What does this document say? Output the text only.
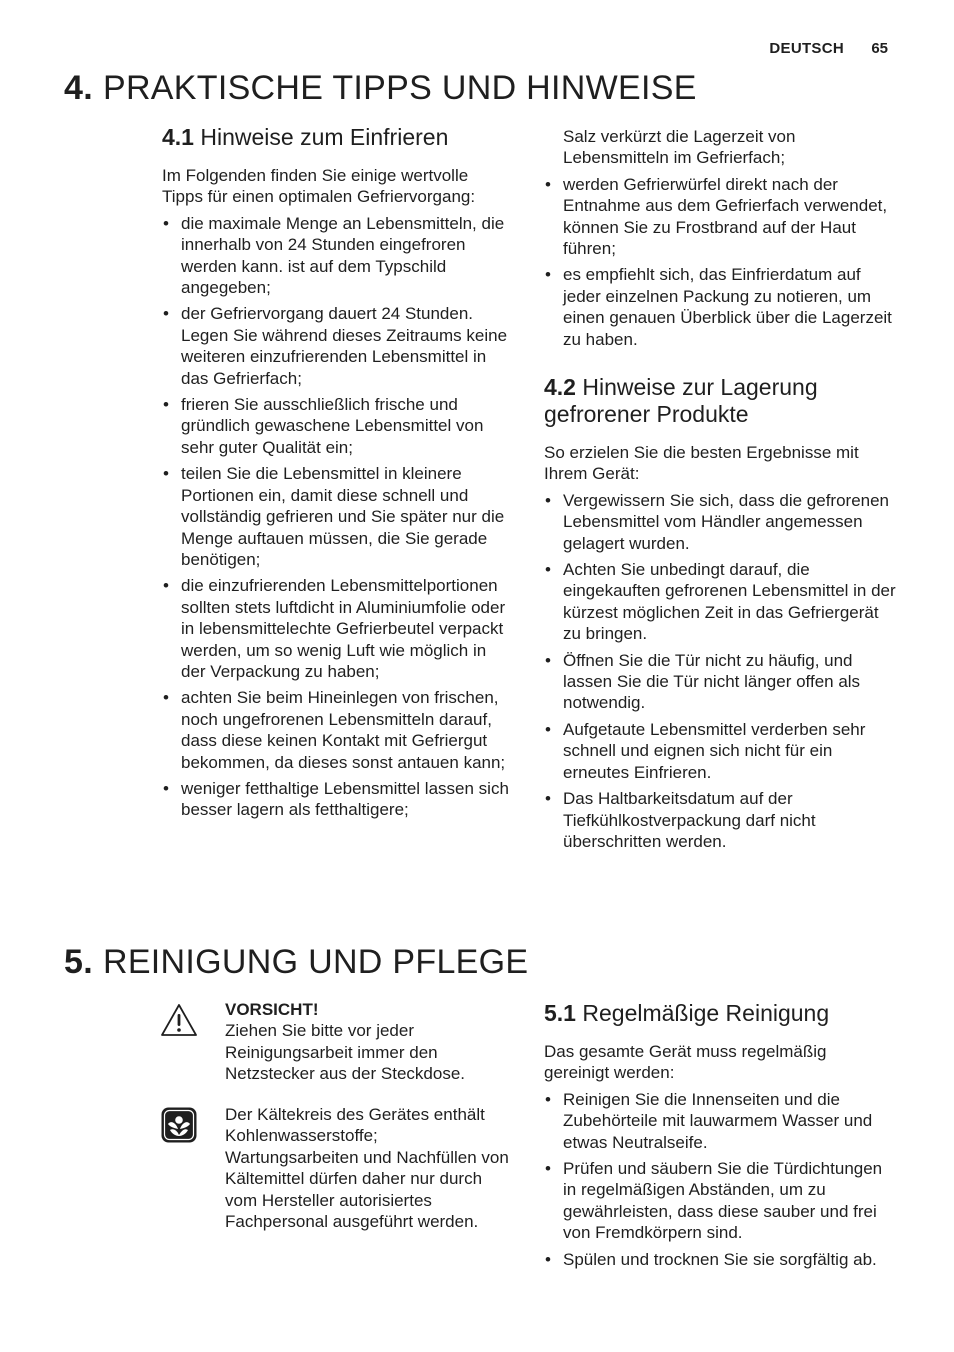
DEUTSCH 65
4. PRAKTISCHE TIPPS UND HINWEISE
4.1 Hinweise zum Einfrieren

Im Folgenden finden Sie einige wertvolle Tipps für einen optimalen Gefriervorgang:

• die maximale Menge an Lebensmitteln, die innerhalb von 24 Stunden eingefroren werden kann. ist auf dem Typschild angegeben;
• der Gefriervorgang dauert 24 Stunden. Legen Sie während dieses Zeitraums keine weiteren einzufrierenden Lebensmittel in das Gefrierfach;
• frieren Sie ausschließlich frische und gründlich gewaschene Lebensmittel von sehr guter Qualität ein;
• teilen Sie die Lebensmittel in kleinere Portionen ein, damit diese schnell und vollständig gefrieren und Sie später nur die Menge auftauen müssen, die Sie gerade benötigen;
• die einzufrierenden Lebensmittelportionen sollten stets luftdicht in Aluminiumfolie oder in lebensmittelechte Gefrierbeutel verpackt werden, um so wenig Luft wie möglich in der Verpackung zu haben;
• achten Sie beim Hineinlegen von frischen, noch ungefrorenen Lebensmitteln darauf, dass diese keinen Kontakt mit Gefriergut bekommen, da dieses sonst antauen kann;
• weniger fetthaltige Lebensmittel lassen sich besser lagern als fetthaltigere;
Salz verkürzt die Lagerzeit von Lebensmitteln im Gefrierfach;
• werden Gefrierwürfel direkt nach der Entnahme aus dem Gefrierfach verwendet, können Sie zu Frostbrand auf der Haut führen;
• es empfiehlt sich, das Einfrierdatum auf jeder einzelnen Packung zu notieren, um einen genauen Überblick über die Lagerzeit zu haben.
4.2 Hinweise zur Lagerung gefrorener Produkte

So erzielen Sie die besten Ergebnisse mit Ihrem Gerät:

• Vergewissern Sie sich, dass die gefrorenen Lebensmittel vom Händler angemessen gelagert wurden.
• Achten Sie unbedingt darauf, die eingekauften gefrorenen Lebensmittel in der kürzest möglichen Zeit in das Gefriergerät zu bringen.
• Öffnen Sie die Tür nicht zu häufig, und lassen Sie die Tür nicht länger offen als notwendig.
• Aufgetaute Lebensmittel verderben sehr schnell und eignen sich nicht für ein erneutes Einfrieren.
• Das Haltbarkeitsdatum auf der Tiefkühlkostverpackung darf nicht überschritten werden.
5. REINIGUNG UND PFLEGE
VORSICHT!

Ziehen Sie bitte vor jeder Reinigungsarbeit immer den Netzstecker aus der Steckdose.

Der Kältekreis des Gerätes enthält Kohlenwasserstoffe; Wartungsarbeiten und Nachfüllen von Kältemittel dürfen daher nur durch vom Hersteller autorisiertes Fachpersonal ausgeführt werden.

5.1 Regelmäßige Reinigung

Das gesamte Gerät muss regelmäßig gereinigt werden:

• Reinigen Sie die Innenseiten und die Zubehörteile mit lauwarmem Wasser und etwas Neutralseife.
• Prüfen und säubern Sie die Türdichtungen in regelmäßigen Abständen, um zu gewährleisten, dass diese sauber und frei von Fremdkörpern sind.
• Spülen und trocknen Sie sie sorgfältig ab.
